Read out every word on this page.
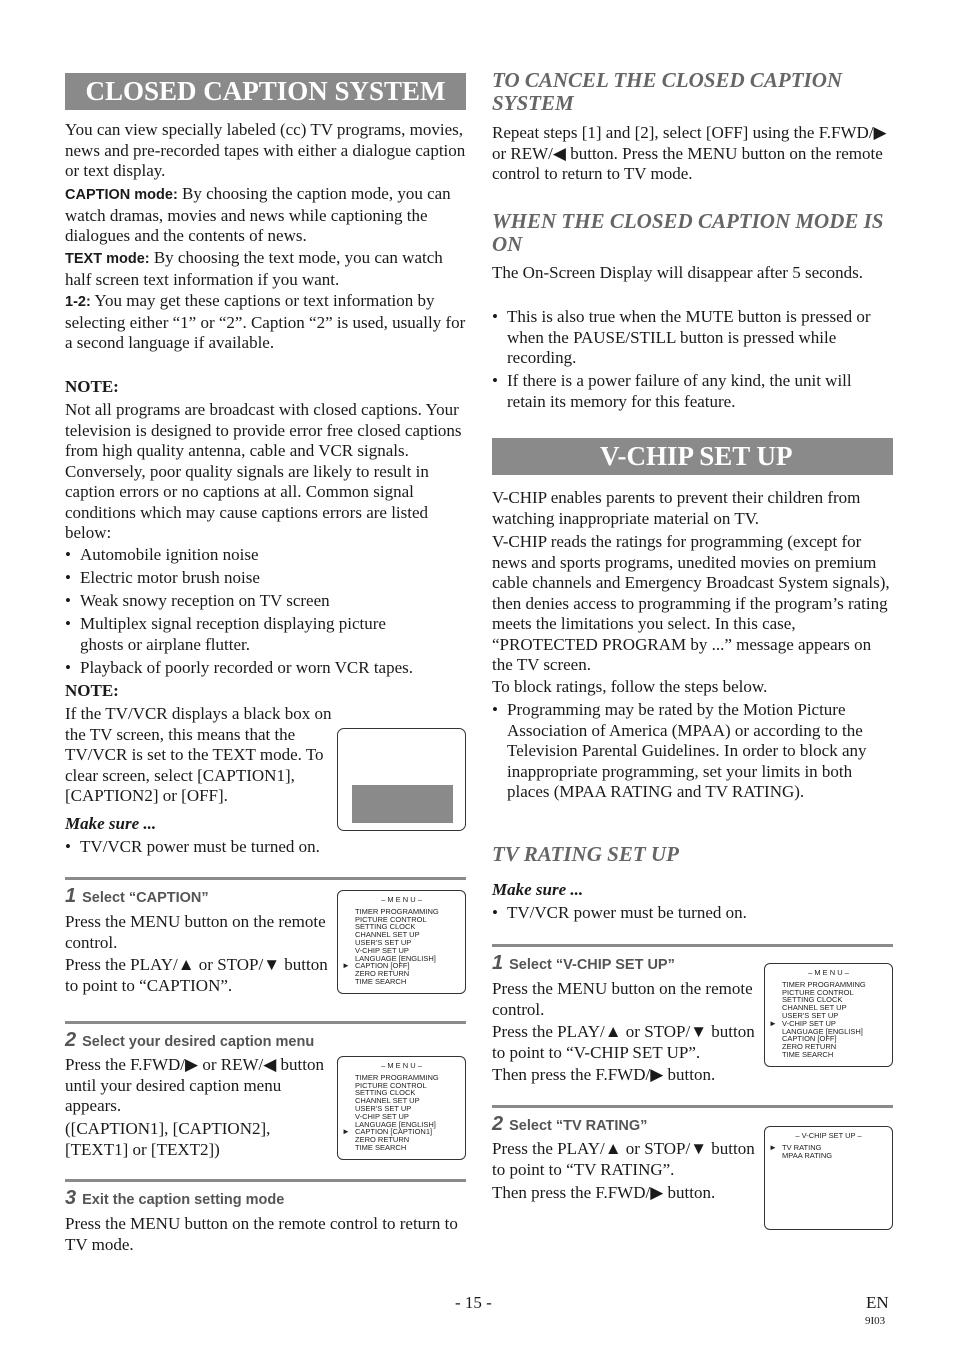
CLOSED CAPTION SYSTEM
You can view specially labeled (cc) TV programs, movies, news and pre-recorded tapes with either a dialogue caption or text display.
CAPTION mode: By choosing the caption mode, you can watch dramas, movies and news while captioning the dialogues and the contents of news.
TEXT mode: By choosing the text mode, you can watch half screen text information if you want.
1-2: You may get these captions or text information by selecting either “1” or “2”. Caption “2” is used, usually for a second language if available.
NOTE:
Not all programs are broadcast with closed captions. Your television is designed to provide error free closed captions from high quality antenna, cable and VCR signals. Conversely, poor quality signals are likely to result in caption errors or no captions at all. Common signal conditions which may cause captions errors are listed below:
• Automobile ignition noise
• Electric motor brush noise
• Weak snowy reception on TV screen
• Multiplex signal reception displaying picture ghosts or airplane flutter.
• Playback of poorly recorded or worn VCR tapes.
NOTE:
If the TV/VCR displays a black box on the TV screen, this means that the TV/VCR is set to the TEXT mode. To clear screen, select [CAPTION1], [CAPTION2] or [OFF].
Make sure ...
• TV/VCR power must be turned on.
1 Select “CAPTION”
Press the MENU button on the remote control.
Press the PLAY/▲ or STOP/▼ button to point to “CAPTION”.
– M E N U –
TIMER PROGRAMMING
PICTURE CONTROL
SETTING CLOCK
CHANNEL SET UP
USER'S SET UP
V-CHIP SET UP
LANGUAGE [ENGLISH]
► CAPTION [OFF]
ZERO RETURN
TIME SEARCH
2 Select your desired caption menu
Press the F.FWD/▶ or REW/◀ button until your desired caption menu appears.
([CAPTION1], [CAPTION2], [TEXT1] or [TEXT2])
– M E N U –
TIMER PROGRAMMING
PICTURE CONTROL
SETTING CLOCK
CHANNEL SET UP
USER'S SET UP
V-CHIP SET UP
LANGUAGE [ENGLISH]
► CAPTION [CAPTION1]
ZERO RETURN
TIME SEARCH
3 Exit the caption setting mode
Press the MENU button on the remote control to return to TV mode.
TO CANCEL THE CLOSED CAPTION SYSTEM
Repeat steps [1] and [2], select [OFF] using the F.FWD/▶ or REW/◀ button. Press the MENU button on the remote control to return to TV mode.
WHEN THE CLOSED CAPTION MODE IS ON
The On-Screen Display will disappear after 5 seconds.
• This is also true when the MUTE button is pressed or when the PAUSE/STILL button is pressed while recording.
• If there is a power failure of any kind, the unit will retain its memory for this feature.
V-CHIP SET UP
V-CHIP enables parents to prevent their children from watching inappropriate material on TV.
V-CHIP reads the ratings for programming (except for news and sports programs, unedited movies on premium cable channels and Emergency Broadcast System signals), then denies access to programming if the program’s rating meets the limitations you select. In this case, “PROTECTED PROGRAM by ...” message appears on the TV screen.
To block ratings, follow the steps below.
• Programming may be rated by the Motion Picture Association of America (MPAA) or according to the Television Parental Guidelines. In order to block any inappropriate programming, set your limits in both places (MPAA RATING and TV RATING).
TV RATING SET UP
Make sure ...
• TV/VCR power must be turned on.
1 Select “V-CHIP SET UP”
Press the MENU button on the remote control.
Press the PLAY/▲ or STOP/▼ button to point to “V-CHIP SET UP”.
Then press the F.FWD/▶ button.
– M E N U –
TIMER PROGRAMMING
PICTURE CONTROL
SETTING CLOCK
CHANNEL SET UP
USER'S SET UP
► V-CHIP SET UP
LANGUAGE [ENGLISH]
CAPTION [OFF]
ZERO RETURN
TIME SEARCH
2 Select “TV RATING”
Press the PLAY/▲ or STOP/▼ button to point to “TV RATING”.
Then press the F.FWD/▶ button.
– V-CHIP SET UP –
► TV RATING
MPAA RATING
- 15 -	EN
9I03
